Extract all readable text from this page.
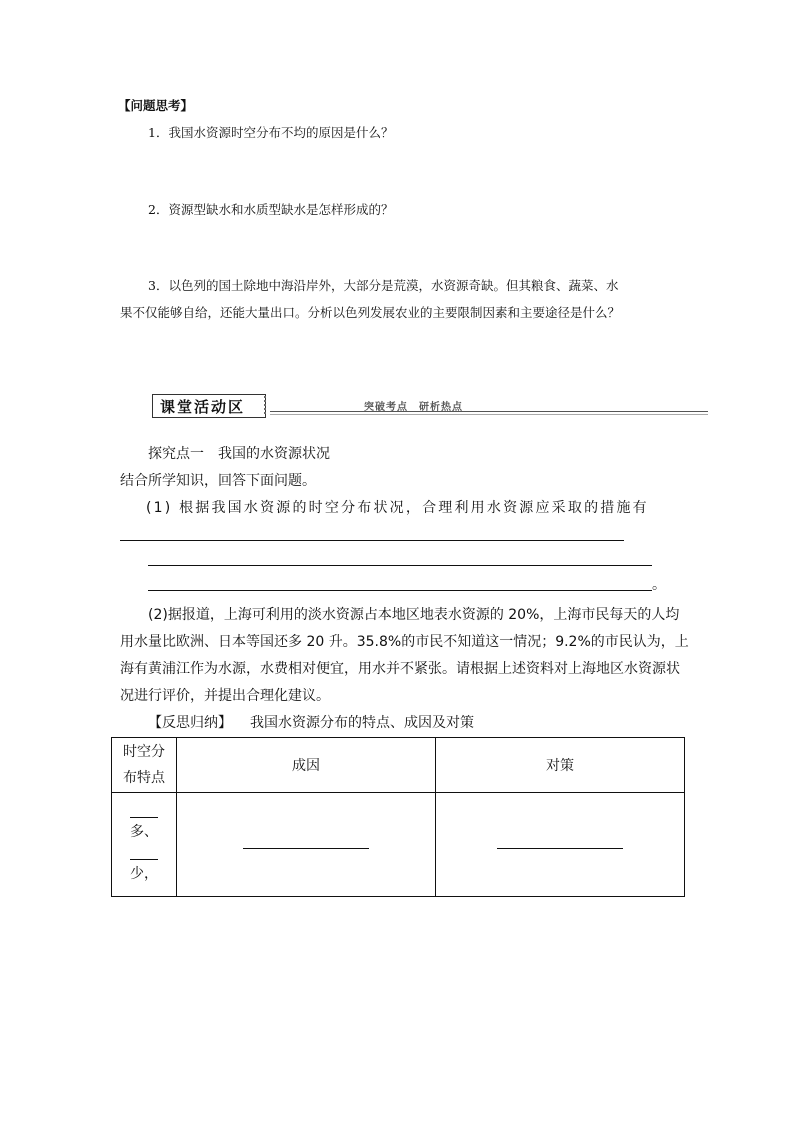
【问题思考】
1．我国水资源时空分布不均的原因是什么？
2．资源型缺水和水质型缺水是怎样形成的？
3．以色列的国土除地中海沿岸外，大部分是荒漠，水资源奇缺。但其粮食、蔬菜、水
果不仅能够自给，还能大量出口。分析以色列发展农业的主要限制因素和主要途径是什么？
课堂活动区	突破考点　研析热点
探究点一　我国的水资源状况
结合所学知识，回答下面问题。
(1) 根据我国水资源的时空分布状况，合理利用水资源应采取的措施有
。
(2)据报道，上海可利用的淡水资源占本地区地表水资源的 20%，上海市民每天的人均
用水量比欧洲、日本等国还多 20 升。35.8%的市民不知道这一情况；9.2%的市民认为，上
海有黄浦江作为水源，水费相对便宜，用水并不紧张。请根据上述资料对上海地区水资源状
况进行评价，并提出合理化建议。
【反思归纳】 我国水资源分布的特点、成因及对策
时空分
布特点	成因	对策

多、
少，		
